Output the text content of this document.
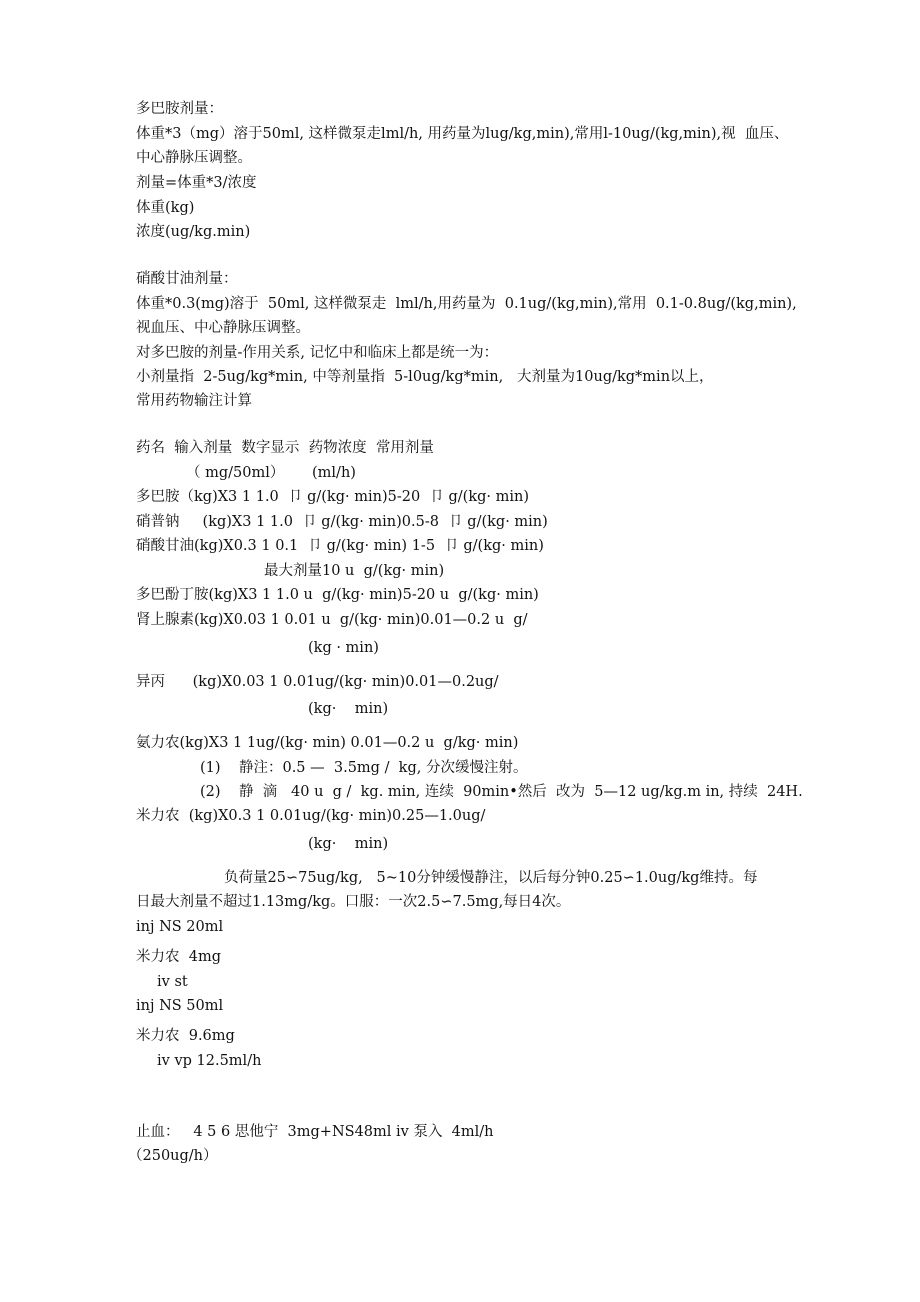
多巴胺剂量：
体重*3（mg）溶于50ml, 这样微泵走lml/h, 用药量为lug/kg,min),常用l-10ug/(kg,min),视  血压、
中心静脉压调整。
剂量=体重*3/浓度
体重(kg)
浓度(ug/kg.min)
硝酸甘油剂量：
体重*0.3(mg)溶于  50ml, 这样微泵走  lml/h,用药量为  0.1ug/(kg,min),常用  0.1-0.8ug/(kg,min),
视血压、中心静脉压调整。
对多巴胺的剂量-作用关系, 记忆中和临床上都是统一为：
小剂量指  2-5ug/kg*min, 中等剂量指  5-l0ug/kg*min,   大剂量为10ug/kg*min以上，
常用药物输注计算
药名  输入剂量  数字显示  药物浓度  常用剂量
（ mg/50ml）      (ml/h)
多巴胺（kg)X3 1 1.0  卩 g/(kg· min)5-20  卩 g/(kg· min)
硝普钠     (kg)X3 1 1.0  卩 g/(kg· min)0.5-8  卩 g/(kg· min)
硝酸甘油(kg)X0.3 1 0.1  卩 g/(kg· min) 1-5  卩 g/(kg· min)
最大剂量10 u  g/(kg· min)
多巴酚丁胺(kg)X3 1 1.0 u  g/(kg· min)5-20 u  g/(kg· min)
肾上腺素(kg)X0.03 1 0.01 u  g/(kg· min)0.01—0.2 u  g/
(kg · min)
异丙      (kg)X0.03 1 0.01ug/(kg· min)0.01—0.2ug/
(kg·    min)
氨力农(kg)X3 1 1ug/(kg· min) 0.01—0.2 u  g/kg· min)
(1)    静注：0.5 —  3.5mg /  kg, 分次缓慢注射。
(2)    静  滴   40 u  g /  kg. min, 连续  90min•然后  改为  5—12 ug/kg.m in, 持续  24H.
米力农  (kg)X0.3 1 0.01ug/(kg· min)0.25—1.0ug/
(kg·    min)
负荷量25∽75ug/kg,   5~10分钟缓慢静注，以后每分钟0.25∽1.0ug/kg维持。每
日最大剂量不超过1.13mg/kg。口服：一次2.5∽7.5mg,每日4次。
inj NS 20ml
米力农  4mg
iv st
inj NS 50ml
米力农  9.6mg
iv vp 12.5ml/h
止血：   4 5 6 思他宁  3mg+NS48ml iv 泵入  4ml/h
（250ug/h）
